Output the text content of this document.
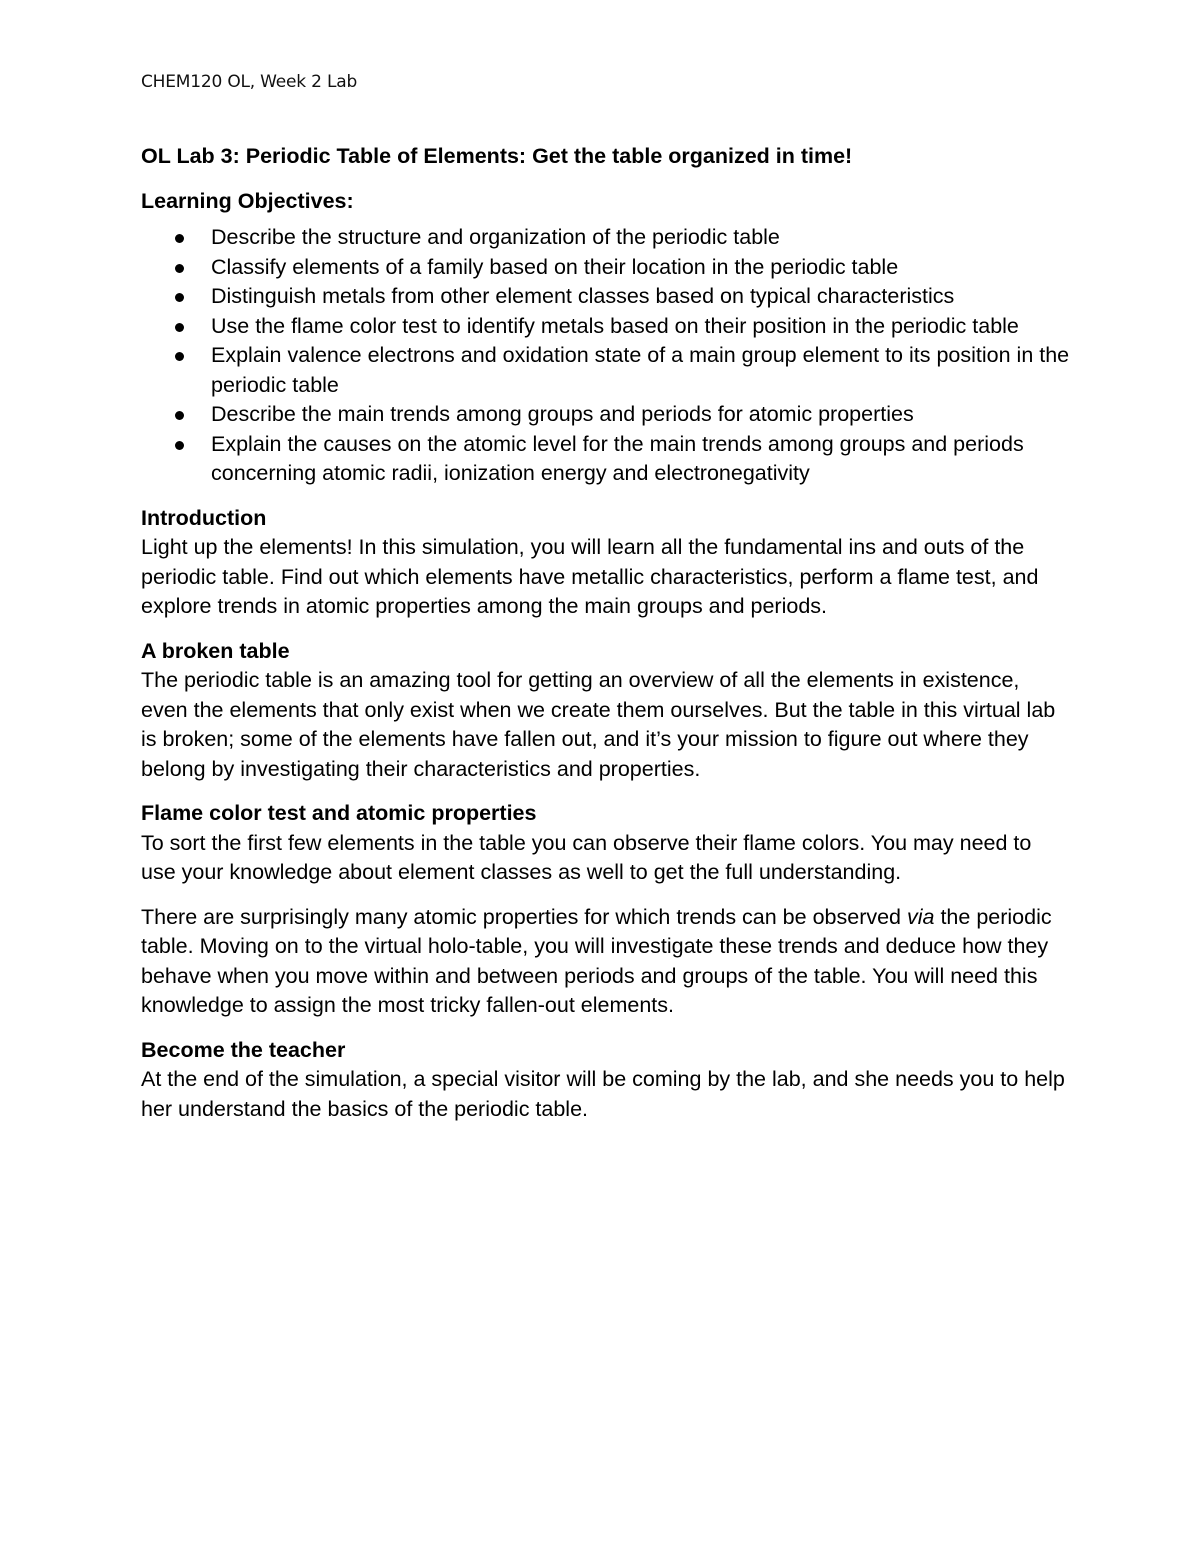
CHEM120 OL, Week 2 Lab

OL Lab 3: Periodic Table of Elements: Get the table organized in time!

Learning Objectives:

Describe the structure and organization of the periodic table
Classify elements of a family based on their location in the periodic table
Distinguish metals from other element classes based on typical characteristics
Use the flame color test to identify metals based on their position in the periodic table
Explain valence electrons and oxidation state of a main group element to its position in the periodic table
Describe the main trends among groups and periods for atomic properties
Explain the causes on the atomic level for the main trends among groups and periods concerning atomic radii, ionization energy and electronegativity

Introduction

Light up the elements! In this simulation, you will learn all the fundamental ins and outs of the periodic table. Find out which elements have metallic characteristics, perform a flame test, and explore trends in atomic properties among the main groups and periods.

A broken table

The periodic table is an amazing tool for getting an overview of all the elements in existence, even the elements that only exist when we create them ourselves. But the table in this virtual lab is broken; some of the elements have fallen out, and it’s your mission to figure out where they belong by investigating their characteristics and properties.

Flame color test and atomic properties

To sort the first few elements in the table you can observe their flame colors. You may need to use your knowledge about element classes as well to get the full understanding.

There are surprisingly many atomic properties for which trends can be observed via the periodic table. Moving on to the virtual holo-table, you will investigate these trends and deduce how they behave when you move within and between periods and groups of the table. You will need this knowledge to assign the most tricky fallen-out elements.

Become the teacher

At the end of the simulation, a special visitor will be coming by the lab, and she needs you to help her understand the basics of the periodic table.
